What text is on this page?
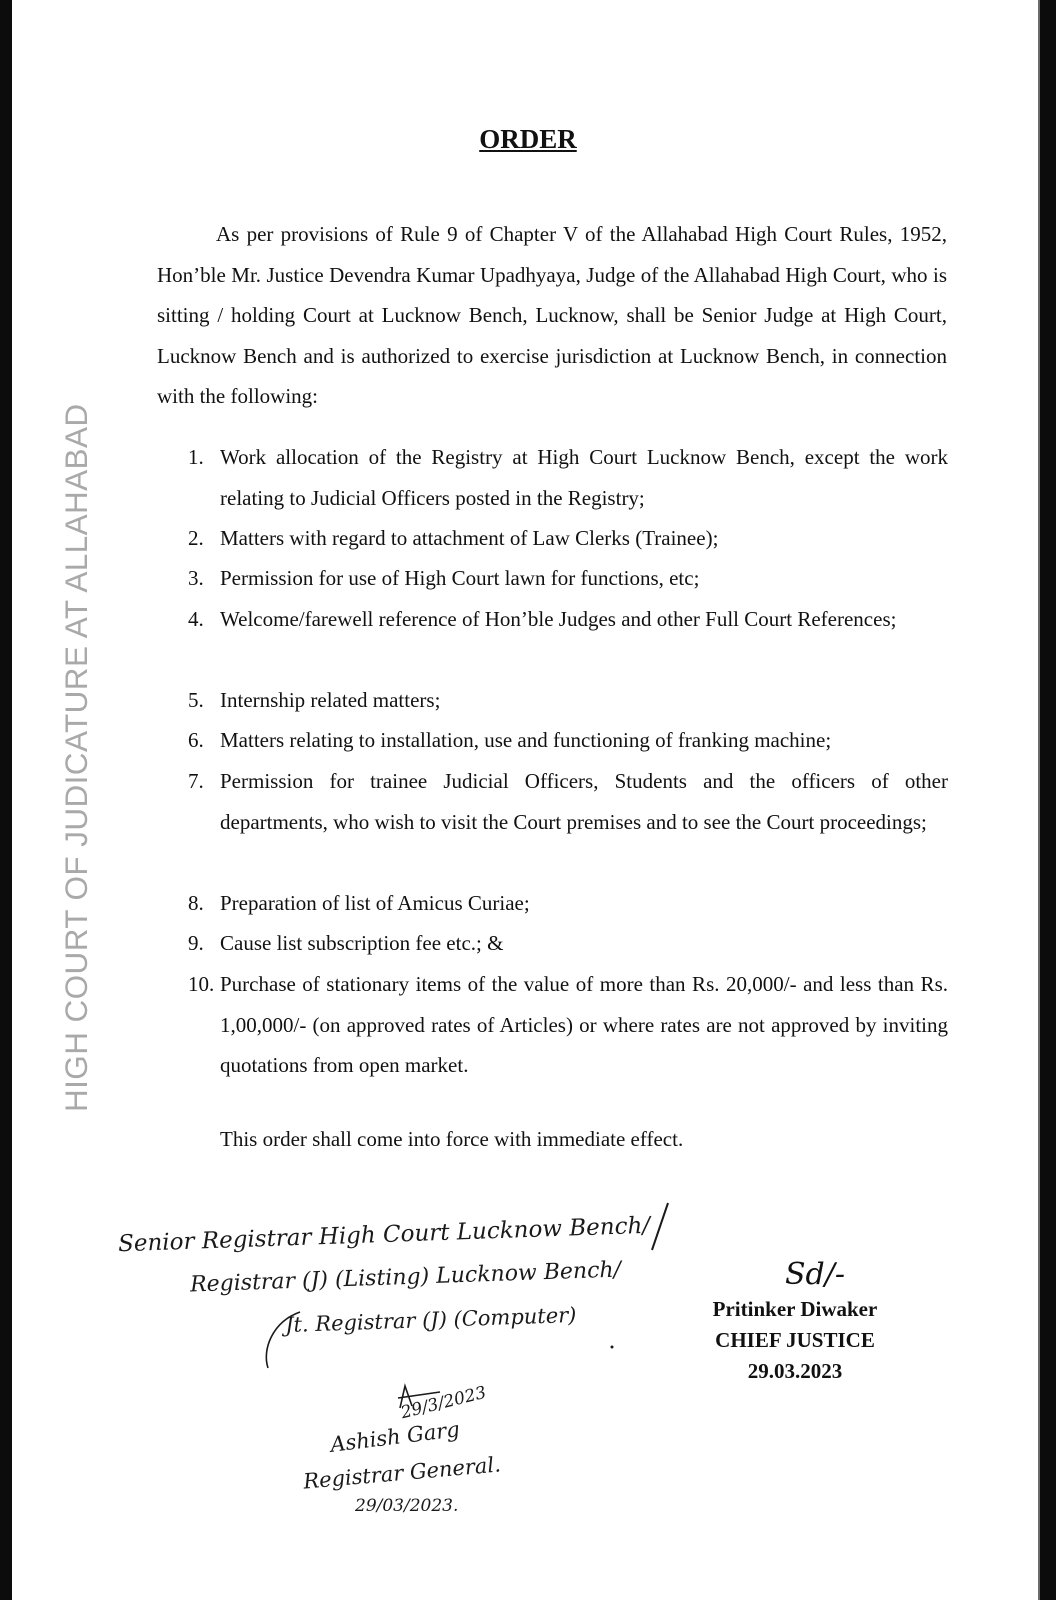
HIGH COURT OF JUDICATURE AT ALLAHABAD
ORDER
As per provisions of Rule 9 of Chapter V of the Allahabad High Court Rules, 1952, Hon’ble Mr. Justice Devendra Kumar Upadhyaya, Judge of the Allahabad High Court, who is sitting / holding Court at Lucknow Bench, Lucknow, shall be Senior Judge at High Court, Lucknow Bench and is authorized to exercise jurisdiction at Lucknow Bench, in connection with the following:
1. Work allocation of the Registry at High Court Lucknow Bench, except the work relating to Judicial Officers posted in the Registry;
2. Matters with regard to attachment of Law Clerks (Trainee);
3. Permission for use of High Court lawn for functions, etc;
4. Welcome/farewell reference of Hon’ble Judges and other Full Court References;
5. Internship related matters;
6. Matters relating to installation, use and functioning of franking machine;
7. Permission for trainee Judicial Officers, Students and the officers of other departments, who wish to visit the Court premises and to see the Court proceedings;
8. Preparation of list of Amicus Curiae;
9. Cause list subscription fee etc.; &
10. Purchase of stationary items of the value of more than Rs. 20,000/- and less than Rs. 1,00,000/- (on approved rates of Articles) or where rates are not approved by inviting quotations from open market.
This order shall come into force with immediate effect.
Senior Registrar High Court Lucknow Bench/
Registrar (J) (Listing) Lucknow Bench/
Jt. Registrar (J) (Computer)
29/3/2023
Ashish Garg
Registrar General.
29/03/2023.
Sd/-
Pritinker Diwaker
CHIEF JUSTICE
29.03.2023
